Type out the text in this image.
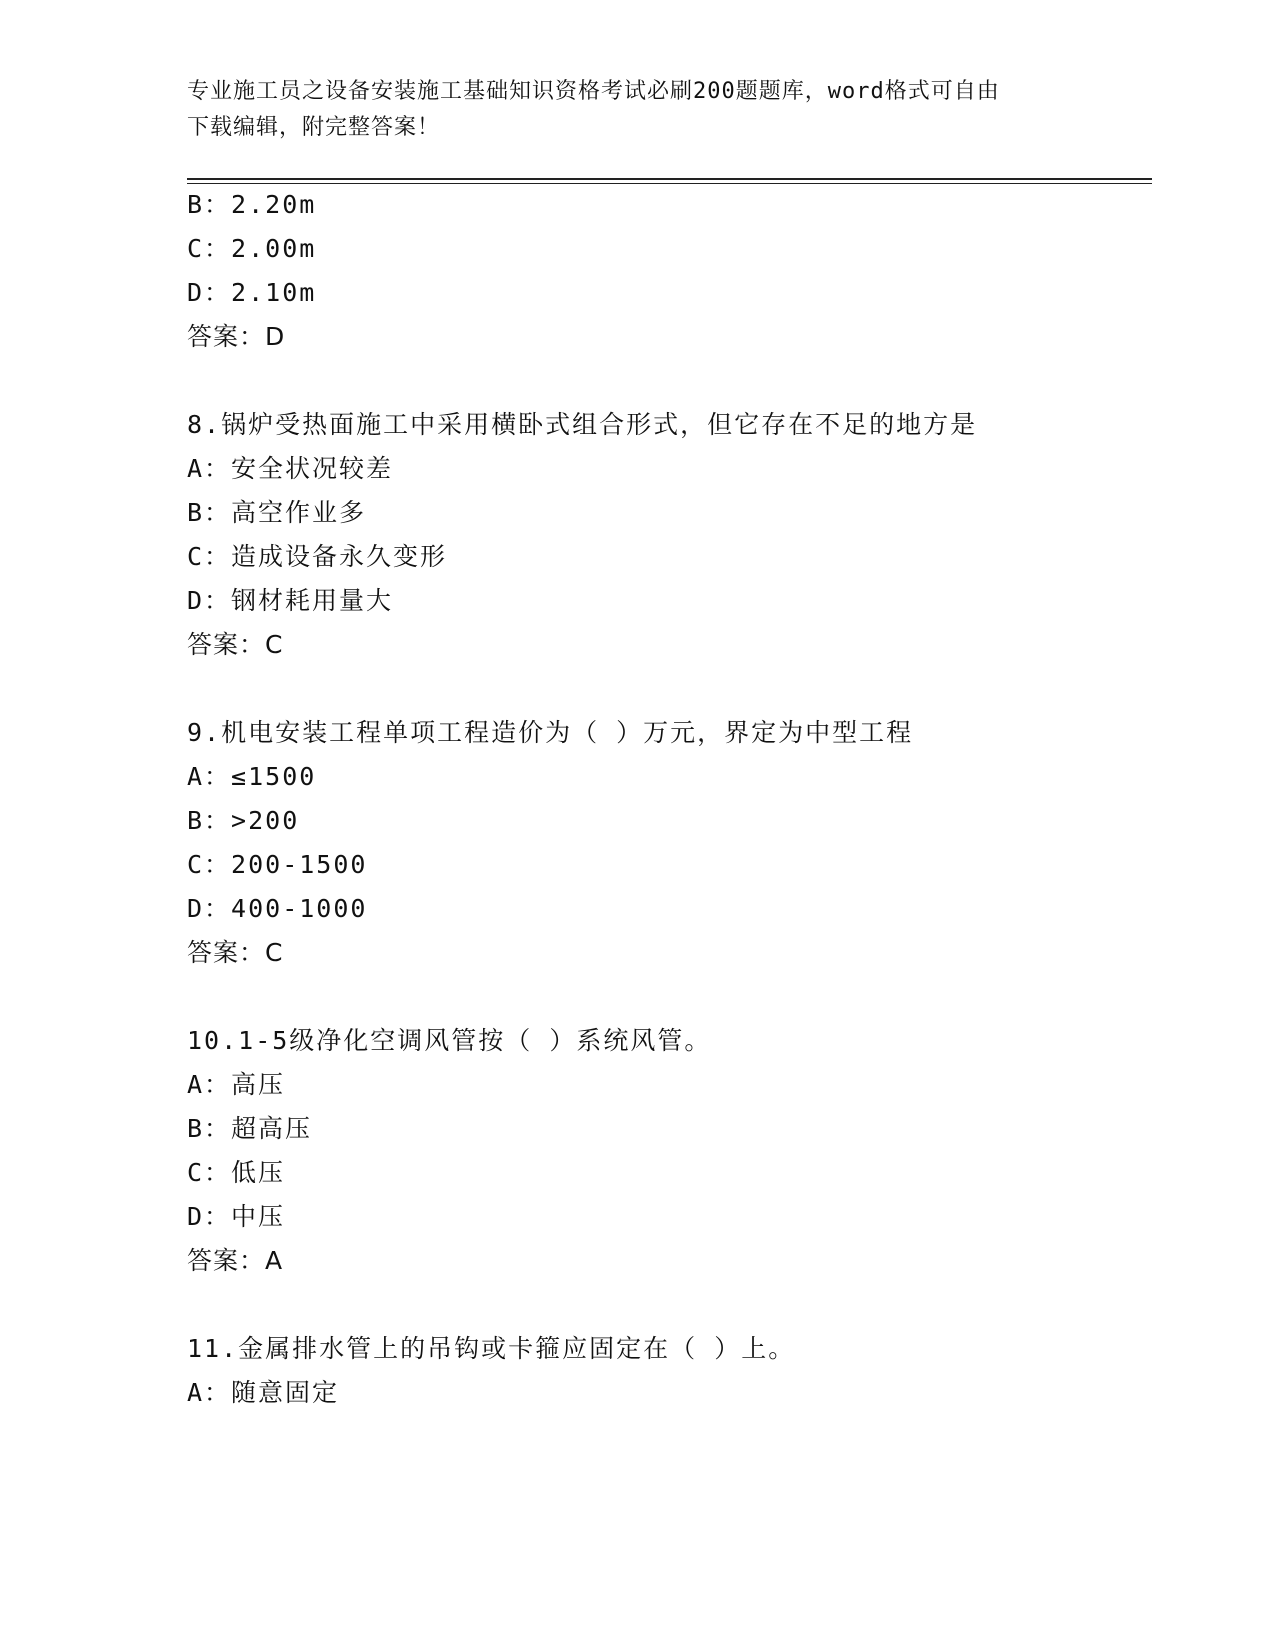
专业施工员之设备安装施工基础知识资格考试必刷200题题库，word格式可自由
下载编辑，附完整答案！
B：2.20m
C：2.00m
D：2.10m
答案：D
8.锅炉受热面施工中采用横卧式组合形式，但它存在不足的地方是
A：安全状况较差
B：高空作业多
C：造成设备永久变形
D：钢材耗用量大
答案：C
9.机电安装工程单项工程造价为（ ）万元，界定为中型工程
A：≤1500
B：>200
C：200-1500
D：400-1000
答案：C
10.1-5级净化空调风管按（ ）系统风管。
A：高压
B：超高压
C：低压
D：中压
答案：A
11.金属排水管上的吊钩或卡箍应固定在（ ）上。
A：随意固定
